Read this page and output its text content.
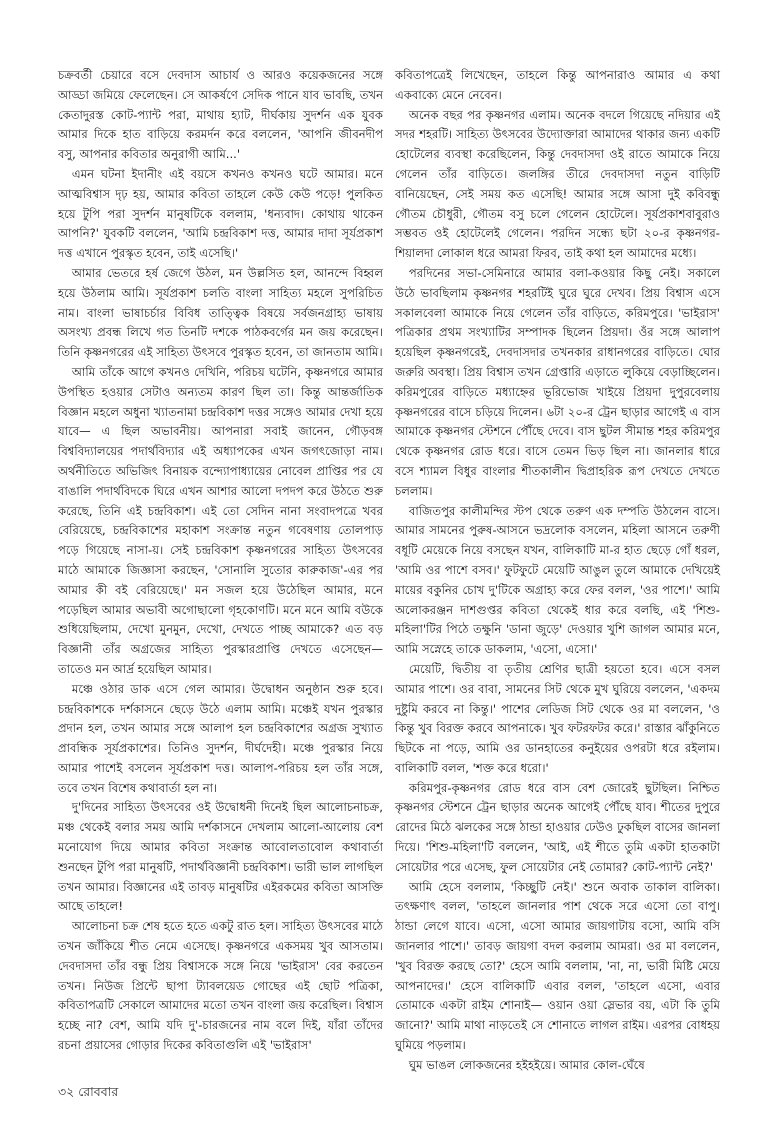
চক্রবর্তী চেয়ারে বসে দেবদাস আচার্য ও আরও কয়েকজনের সঙ্গে আড্ডা জমিয়ে ফেলেছেন। সে আকর্ষণে সেদিক পানে যাব ভাবছি, তখন কেতাদুরস্ত কোট-প্যান্ট পরা, মাথায় হ্যাট, দীর্ঘকায় সুদর্শন এক যুবক আমার দিকে হাত বাড়িয়ে করমর্দন করে বললেন, 'আপনি জীবনদীপ বসু, আপনার কবিতার অনুরাগী আমি...'

এমন ঘটনা ইদানীং এই বয়সে কখনও কখনও ঘটে আমার। মনে আত্মবিশ্বাস দৃঢ় হয়, আমার কবিতা তাহলে কেউ কেউ পড়ে! পুলকিত হয়ে টুপি পরা সুদর্শন মানুষটিকে বললাম, 'ধন্যবাদ। কোথায় থাকেন আপনি?' যুবকটি বললেন, 'আমি চন্দ্রবিকাশ দত্ত, আমার দাদা সূর্যপ্রকাশ দত্ত এখানে পুরস্কৃত হবেন, তাই এসেছি।'

আমার ভেতরে হর্ষ জেগে উঠল, মন উল্লসিত হল, আনন্দে বিহ্বল হয়ে উঠলাম আমি। সূর্যপ্রকাশ চলতি বাংলা সাহিত্য মহলে সুপরিচিত নাম। বাংলা ভাষাচর্চার বিবিধ তাত্ত্বিক বিষয়ে সর্বজনগ্রাহ্য ভাষায় অসংখ্য প্রবন্ধ লিখে গত তিনটি দশকে পাঠকবর্গের মন জয় করেছেন। তিনি কৃষ্ণনগরের এই সাহিত্য উৎসবে পুরস্কৃত হবেন, তা জানতাম আমি।

আমি তাঁকে আগে কখনও দেখিনি, পরিচয় ঘটেনি, কৃষ্ণনগরে আমার উপস্থিত হওয়ার সেটাও অন্যতম কারণ ছিল তা। কিন্তু আন্তর্জাতিক বিজ্ঞান মহলে অধুনা খ্যাতনামা চন্দ্রবিকাশ দত্তর সঙ্গেও আমার দেখা হয়ে যাবে— এ ছিল অভাবনীয়। আপনারা সবাই জানেন, গৌড়বঙ্গ বিশ্ববিদ্যালয়ের পদার্থবিদ্যার এই অধ্যাপকের এখন জগৎজোড়া নাম। অর্থনীতিতে অভিজিৎ বিনায়ক বন্দ্যোপাধ্যায়ের নোবেল প্রাপ্তির পর যে বাঙালি পদার্থবিদকে ঘিরে এখন আশার আলো দপদপ করে উঠতে শুরু করেছে, তিনি এই চন্দ্রবিকাশ। এই তো সেদিন নানা সংবাদপত্রে খবর বেরিয়েছে, চন্দ্রবিকাশের মহাকাশ সংক্রান্ত নতুন গবেষণায় তোলপাড় পড়ে গিয়েছে নাসা-য়। সেই চন্দ্রবিকাশ কৃষ্ণনগরের সাহিত্য উৎসবের মাঠে আমাকে জিজ্ঞাসা করছেন, 'সোনালি সুতোর কারুকাজ'-এর পর আমার কী বই বেরিয়েছে।' মন সজল হয়ে উঠেছিল আমার, মনে পড়েছিল আমার অভাবী অগোছালো গৃহকোণটি। মনে মনে আমি বউকে শুধিয়েছিলাম, দেখো মুনমুন, দেখো, দেখতে পাচ্ছ আমাকে? এত বড় বিজ্ঞানী তাঁর অগ্রজের সাহিত্য পুরস্কারপ্রাপ্তি দেখতে এসেছেন— তাতেও মন আর্দ্র হয়েছিল আমার।

মঞ্চে ওঠার ডাক এসে গেল আমার। উদ্বোধন অনুষ্ঠান শুরু হবে। চন্দ্রবিকাশকে দর্শকাসনে ছেড়ে উঠে এলাম আমি। মঞ্চেই যখন পুরস্কার প্রদান হল, তখন আমার সঙ্গে আলাপ হল চন্দ্রবিকাশের অগ্রজ সুখ্যাত প্রাবন্ধিক সূর্যপ্রকাশের। তিনিও সুদর্শন, দীর্ঘদেহী। মঞ্চে পুরস্কার নিয়ে আমার পাশেই বসলেন সূর্যপ্রকাশ দত্ত। আলাপ-পরিচয় হল তাঁর সঙ্গে, তবে তখন বিশেষ কথাবার্তা হল না।

দু'দিনের সাহিত্য উৎসবের ওই উদ্বোধনী দিনেই ছিল আলোচনাচক্র, মঞ্চ থেকেই বলার সময় আমি দর্শকাসনে দেখলাম আলো-আলোয় বেশ মনোযোগ দিয়ে আমার কবিতা সংক্রান্ত আবোলতাবোল কথাবার্তা শুনছেন টুপি পরা মানুষটি, পদার্থবিজ্ঞানী চন্দ্রবিকাশ। ভারী ভাল লাগছিল তখন আমার। বিজ্ঞানের এই তাবড় মানুষটির এইরকমের কবিতা আসক্তি আছে তাহলে!

আলোচনা চক্র শেষ হতে হতে একটু রাত হল। সাহিত্য উৎসবের মাঠে তখন জাঁকিয়ে শীত নেমে এসেছে। কৃষ্ণনগরে একসময় খুব আসতাম। দেবদাসদা তাঁর বন্ধু প্রিয় বিশ্বাসকে সঙ্গে নিয়ে 'ভাইরাস' বের করতেন তখন। নিউজ প্রিন্টে ছাপা ট্যাবলয়েড গোছের এই ছোট পত্রিকা, কবিতাপত্রটি সেকালে আমাদের মতো তখন বাংলা জয় করেছিল। বিশ্বাস হচ্ছে না? বেশ, আমি যদি দু'-চারজনের নাম বলে দিই, যাঁরা তাঁদের রচনা প্রয়াসের গোড়ার দিকের কবিতাগুলি এই 'ভাইরাস'

কবিতাপত্রেই লিখেছেন, তাহলে কিন্তু আপনারাও আমার এ কথা একবাক্যে মেনে নেবেন।

অনেক বছর পর কৃষ্ণনগর এলাম। অনেক বদলে গিয়েছে নদিয়ার এই সদর শহরটি। সাহিত্য উৎসবের উদ্যোক্তারা আমাদের থাকার জন্য একটি হোটেলের ব্যবস্থা করেছিলেন, কিন্তু দেবদাসদা ওই রাতে আমাকে নিয়ে গেলেন তাঁর বাড়িতে। জলঙ্গির তীরে দেবদাসদা নতুন বাড়িটি বানিয়েছেন, সেই সময় কত এসেছি! আমার সঙ্গে আসা দুই কবিবন্ধু গৌতম চৌধুরী, গৌতম বসু চলে গেলেন হোটেলে। সূর্যপ্রকাশবাবুরাও সম্ভবত ওই হোটেলেই গেলেন। পরদিন সন্ধ্যে ছটা ২০-র কৃষ্ণনগর-শিয়ালদা লোকাল ধরে আমরা ফিরব, তাই কথা হল আমাদের মধ্যে।

পরদিনের সভা-সেমিনারে আমার বলা-কওয়ার কিছু নেই। সকালে উঠে ভাবছিলাম কৃষ্ণনগর শহরটিই ঘুরে ঘুরে দেখব। প্রিয় বিশ্বাস এসে সকালবেলা আমাকে নিয়ে গেলেন তাঁর বাড়িতে, করিমপুরে। 'ভাইরাস' পত্রিকার প্রথম সংখ্যাটির সম্পাদক ছিলেন প্রিয়দা। ওঁর সঙ্গে আলাপ হয়েছিল কৃষ্ণনগরেই, দেবদাসদার তখনকার রাধানগরের বাড়িতে। ঘোর জরুরি অবস্থা। প্রিয় বিশ্বাস তখন গ্রেপ্তারি এড়াতে লুকিয়ে বেড়াচ্ছিলেন। করিমপুরের বাড়িতে মধ্যাহ্নের ভূরিভোজ খাইয়ে প্রিয়দা দুপুরবেলায় কৃষ্ণনগরের বাসে চড়িয়ে দিলেন। ৬টা ২০-র ট্রেন ছাড়ার আগেই এ বাস আমাকে কৃষ্ণনগর স্টেশনে পৌঁছে দেবে। বাস ছুটল সীমান্ত শহর করিমপুর থেকে কৃষ্ণনগর রোড ধরে। বাসে তেমন ভিড় ছিল না। জানলার ধারে বসে শ্যামল বিধুর বাংলার শীতকালীন দ্বিপ্রাহরিক রূপ দেখতে দেখতে চললাম।

বাজিতপুর কালীমন্দির স্টপ থেকে তরুণ এক দম্পতি উঠলেন বাসে। আমার সামনের পুরুষ-আসনে ভদ্রলোক বসলেন, মহিলা আসনে তরুণী বধূটি মেয়েকে নিয়ে বসছেন যখন, বালিকাটি মা-র হাত ছেড়ে গোঁ ধরল, 'আমি ওর পাশে বসব।' ফুটফুটে মেয়েটি আঙুল তুলে আমাকে দেখিয়েই মায়ের বকুনির চোখ দু'টিকে অগ্রাহ্য করে ফের বলল, 'ওর পাশে।' আমি অলোকরঞ্জন দাশগুপ্তর কবিতা থেকেই ধার করে বলছি, এই 'শিশু-মহিলা'টির পিঠে তক্ষুনি 'ডানা জুড়ে' দেওয়ার খুশি জাগল আমার মনে, আমি সস্নেহে তাকে ডাকলাম, 'এসো, এসো।'

মেয়েটি, দ্বিতীয় বা তৃতীয় শ্রেণির ছাত্রী হয়তো হবে। এসে বসল আমার পাশে। ওর বাবা, সামনের সিট থেকে মুখ ঘুরিয়ে বললেন, 'একদম দুষ্টুমি করবে না কিন্তু।' পাশের লেডিজ সিট থেকে ওর মা বললেন, 'ও কিন্তু খুব বিরক্ত করবে আপনাকে। খুব ফটরফটর করে।' রাস্তার ঝাঁকুনিতে ছিটকে না পড়ে, আমি ওর ডানহাতের কনুইয়ের ওপরটা ধরে রইলাম। বালিকাটি বলল, 'শক্ত করে ধরো।'

করিমপুর-কৃষ্ণনগর রোড ধরে বাস বেশ জোরেই ছুটছিল। নিশ্চিত কৃষ্ণনগর স্টেশনে ট্রেন ছাড়ার অনেক আগেই পৌঁছে যাব। শীতের দুপুরে রোদের মিঠে ঝলকের সঙ্গে ঠান্ডা হাওয়ার ঢেউও ঢুকছিল বাসের জানলা দিয়ে। 'শিশু-মহিলা'টি বললেন, 'আই, এই শীতে তুমি একটা হাতকাটা সোয়েটার পরে এসেছ, ফুল সোয়েটার নেই তোমার? কোট-প্যান্ট নেই?'

আমি হেসে বললাম, 'কিচ্ছুটি নেই।' শুনে অবাক তাকাল বালিকা। তৎক্ষণাৎ বলল, 'তাহলে জানলার পাশ থেকে সরে এসো তো বাপু। ঠান্ডা লেগে যাবে। এসো, এসো আমার জায়গাটায় বসো, আমি বসি জানলার পাশে।' তাবড় জায়গা বদল করলাম আমরা। ওর মা বললেন, 'খুব বিরক্ত করছে তো?' হেসে আমি বললাম, 'না, না, ভারী মিষ্টি মেয়ে আপনাদের।' হেসে বালিকাটি এবার বলল, 'তাহলে এসো, এবার তোমাকে একটা রাইম শোনাই— ওয়ান ওয়া স্লেভার বয়, এটা কি তুমি জানো?' আমি মাথা নাড়তেই সে শোনাতে লাগল রাইম। এরপর বোধহয় ঘুমিয়ে পড়লাম।

ঘুম ভাঙল লোকজনের হইহইয়ে। আমার কোল-ঘেঁষে

৩২ রোববার
